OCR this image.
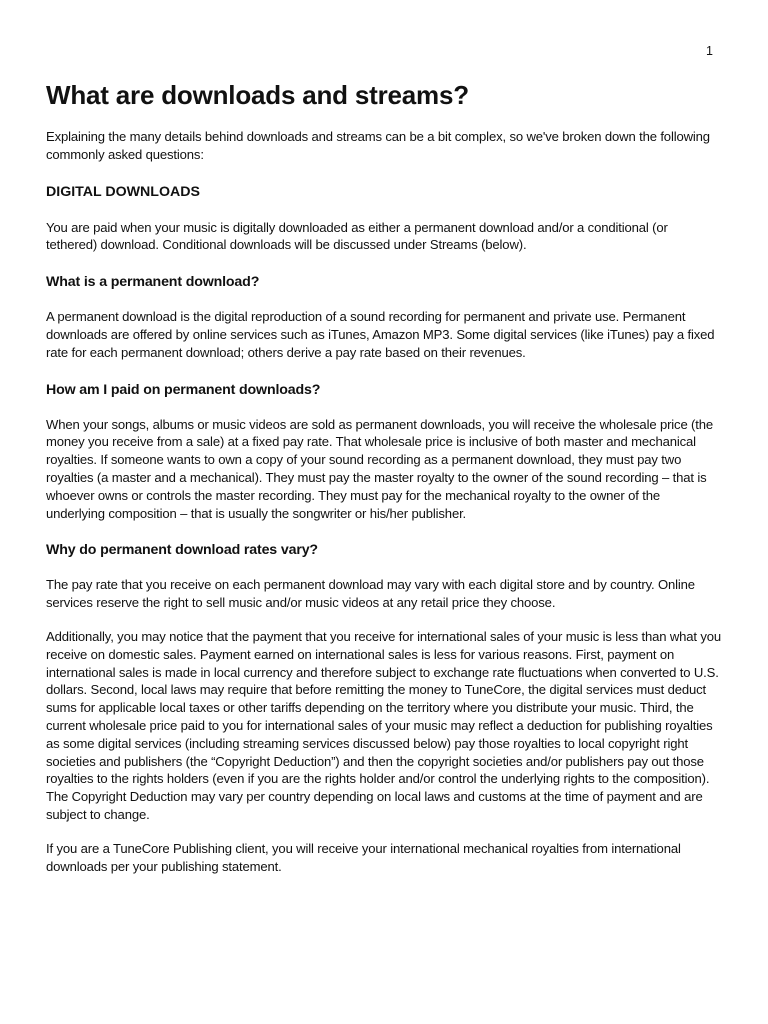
1
What are downloads and streams?

Explaining the many details behind downloads and streams can be a bit complex, so we've broken down the following commonly asked questions:

DIGITAL DOWNLOADS

You are paid when your music is digitally downloaded as either a permanent download and/or a conditional (or tethered) download. Conditional downloads will be discussed under Streams (below).

What is a permanent download?

A permanent download is the digital reproduction of a sound recording for permanent and private use. Permanent downloads are offered by online services such as iTunes, Amazon MP3. Some digital services (like iTunes) pay a fixed rate for each permanent download; others derive a pay rate based on their revenues.

How am I paid on permanent downloads?

When your songs, albums or music videos are sold as permanent downloads, you will receive the wholesale price (the money you receive from a sale) at a fixed pay rate. That wholesale price is inclusive of both master and mechanical royalties. If someone wants to own a copy of your sound recording as a permanent download, they must pay two royalties (a master and a mechanical). They must pay the master royalty to the owner of the sound recording – that is whoever owns or controls the master recording. They must pay for the mechanical royalty to the owner of the underlying composition – that is usually the songwriter or his/her publisher.

Why do permanent download rates vary?

The pay rate that you receive on each permanent download may vary with each digital store and by country. Online services reserve the right to sell music and/or music videos at any retail price they choose.

Additionally, you may notice that the payment that you receive for international sales of your music is less than what you receive on domestic sales. Payment earned on international sales is less for various reasons. First, payment on international sales is made in local currency and therefore subject to exchange rate fluctuations when converted to U.S. dollars. Second, local laws may require that before remitting the money to TuneCore, the digital services must deduct sums for applicable local taxes or other tariffs depending on the territory where you distribute your music. Third, the current wholesale price paid to you for international sales of your music may reflect a deduction for publishing royalties as some digital services (including streaming services discussed below) pay those royalties to local copyright right societies and publishers (the “Copyright Deduction”) and then the copyright societies and/or publishers pay out those royalties to the rights holders (even if you are the rights holder and/or control the underlying rights to the composition). The Copyright Deduction may vary per country depending on local laws and customs at the time of payment and are subject to change.

If you are a TuneCore Publishing client, you will receive your international mechanical royalties from international downloads per your publishing statement.
